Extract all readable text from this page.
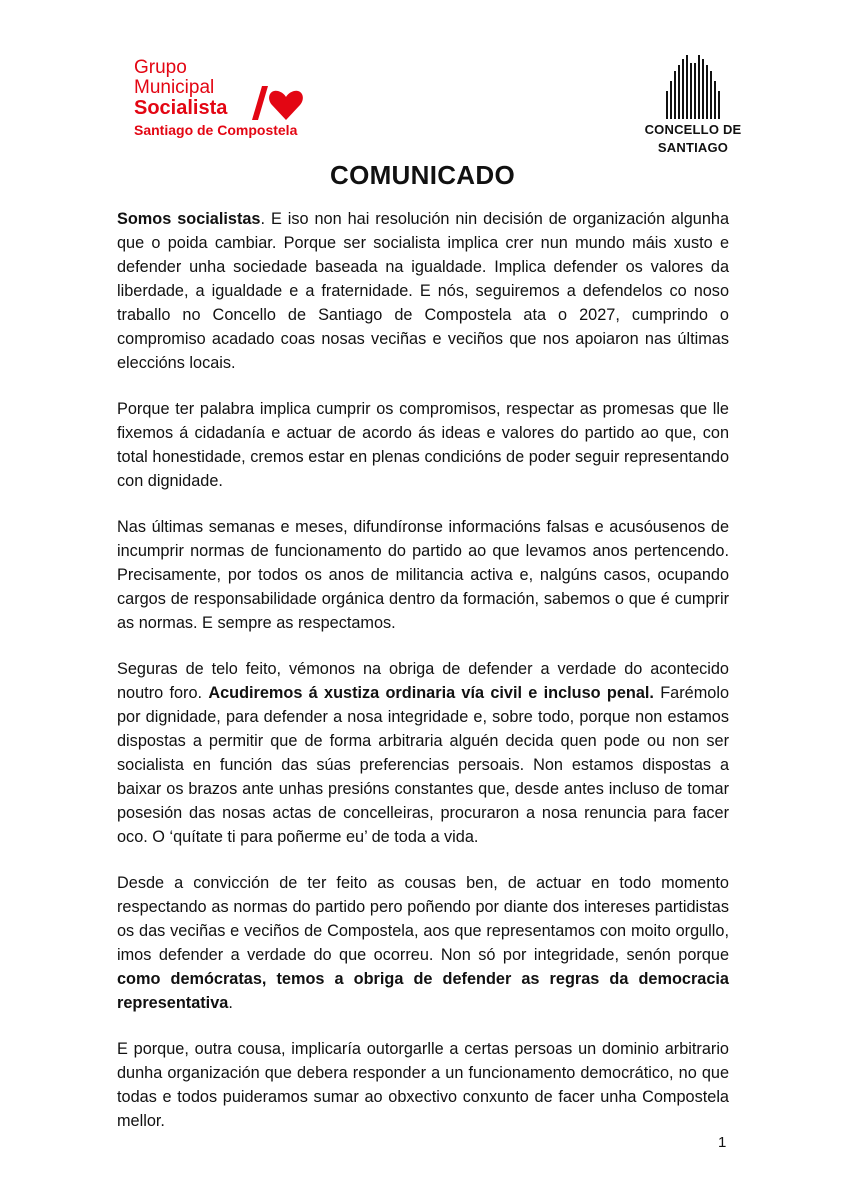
Grupo
Municipal
Socialista
Santiago de Compostela	CONCELLO DE
SANTIAGO
COMUNICADO

Somos socialistas. E iso non hai resolución nin decisión de organización algunha que o poida cambiar. Porque ser socialista implica crer nun mundo máis xusto e defender unha sociedade baseada na igualdade. Implica defender os valores da liberdade, a igualdade e a fraternidade. E nós, seguiremos a defendelos co noso traballo no Concello de Santiago de Compostela ata o 2027, cumprindo o compromiso acadado coas nosas veciñas e veciños que nos apoiaron nas últimas eleccións locais.

Porque ter palabra implica cumprir os compromisos, respectar as promesas que lle fixemos á cidadanía e actuar de acordo ás ideas e valores do partido ao que, con total honestidade, cremos estar en plenas condicións de poder seguir representando con dignidade.

Nas últimas semanas e meses, difundíronse informacións falsas e acusóusenos de incumprir normas de funcionamento do partido ao que levamos anos pertencendo. Precisamente, por todos os anos de militancia activa e, nalgúns casos, ocupando cargos de responsabilidade orgánica dentro da formación, sabemos o que é cumprir as normas. E sempre as respectamos.

Seguras de telo feito, vémonos na obriga de defender a verdade do acontecido noutro foro. Acudiremos á xustiza ordinaria vía civil e incluso penal. Farémolo por dignidade, para defender a nosa integridade e, sobre todo, porque non estamos dispostas a permitir que de forma arbitraria alguén decida quen pode ou non ser socialista en función das súas preferencias persoais. Non estamos dispostas a baixar os brazos ante unhas presións constantes que, desde antes incluso de tomar posesión das nosas actas de concelleiras, procuraron a nosa renuncia para facer oco. O ‘quítate ti para poñerme eu’ de toda a vida.

Desde a convicción de ter feito as cousas ben, de actuar en todo momento respectando as normas do partido pero poñendo por diante dos intereses partidistas os das veciñas e veciños de Compostela, aos que representamos con moito orgullo, imos defender a verdade do que ocorreu. Non só por integridade, senón porque como demócratas, temos a obriga de defender as regras da democracia representativa.

E porque, outra cousa, implicaría outorgarlle a certas persoas un dominio arbitrario dunha organización que debera responder a un funcionamento democrático, no que todas e todos puideramos sumar ao obxectivo conxunto de facer unha Compostela mellor.

1
